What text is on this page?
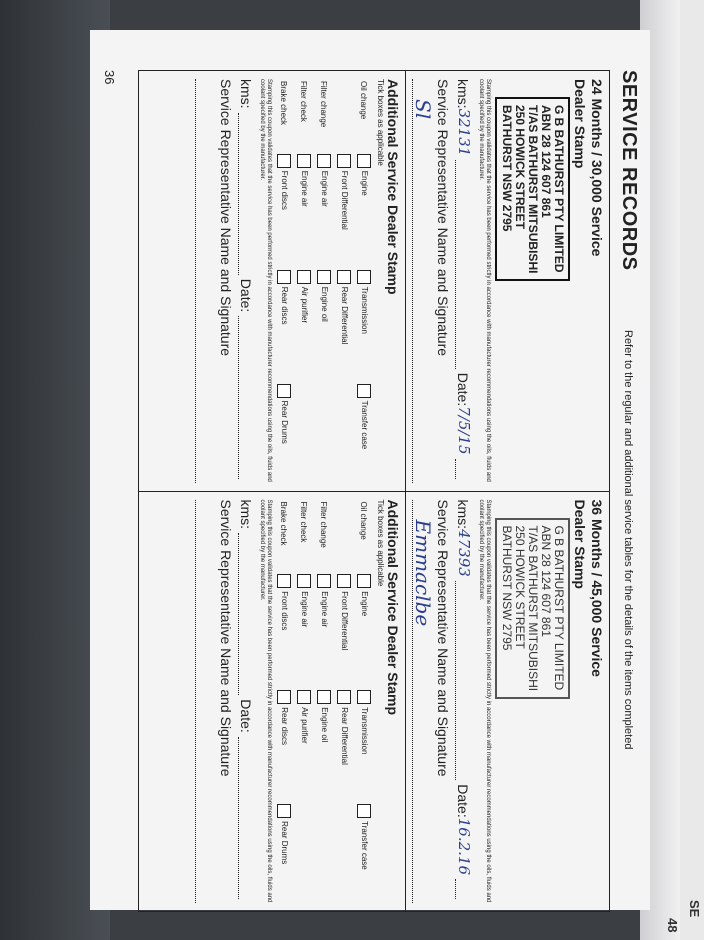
SE
48
SERVICE RECORDS
Refer to the regular and additional service tables for the details of the items completed
24 Months / 30,000 Service
Dealer Stamp
G B BATHURST PTY LIMITED
ABN 28 124 607 861
T/AS BATHURST MITSUBISHI
250 HOWICK STREET
BATHURST NSW 2795
Stamping this coupon validates that the service has been performed strictly in accordance with manufacturer recommendations using the oils, fluids and coolant specified by the manufacturer.
kms:
32131
Date:
7/5/15
Service Representative Name and Signature
Sl
Additional Service Dealer Stamp
Tick boxes as applicable
Oil change	Engine	Transmission	Transfer case
	Front Differential	Rear Differential	
Filter change	Engine air	Engine oil	
Filter check	Engine air	Air purifier	
Brake check	Front discs	Rear discs	Rear Drums
Stamping this coupon validates that the service has been performed strictly in accordance with manufacturer recommendations using the oils, fluids and coolant specified by the manufacturer.
kms:
Date:
Service Representative Name and Signature
36 Months / 45,000 Service
Dealer Stamp
G B BATHURST PTY LIMITED
ABN 28 124 607 861
T/AS BATHURST MITSUBISHI
250 HOWICK STREET
BATHURST NSW 2795
Stamping this coupon validates that the service has been performed strictly in accordance with manufacturer recommendations using the oils, fluids and coolant specified by the manufacturer.
kms:
47393
Date:
16.2.16
Service Representative Name and Signature
Emmaclbe
Additional Service Dealer Stamp
Tick boxes as applicable
Oil change	Engine	Transmission	Transfer case
	Front Differential	Rear Differential	
Filter change	Engine air	Engine oil	
Filter check	Engine air	Air purifier	
Brake check	Front discs	Rear discs	Rear Drums
Stamping this coupon validates that the service has been performed strictly in accordance with manufacturer recommendations using the oils, fluids and coolant specified by the manufacturer.
kms:
Date:
Service Representative Name and Signature
36
